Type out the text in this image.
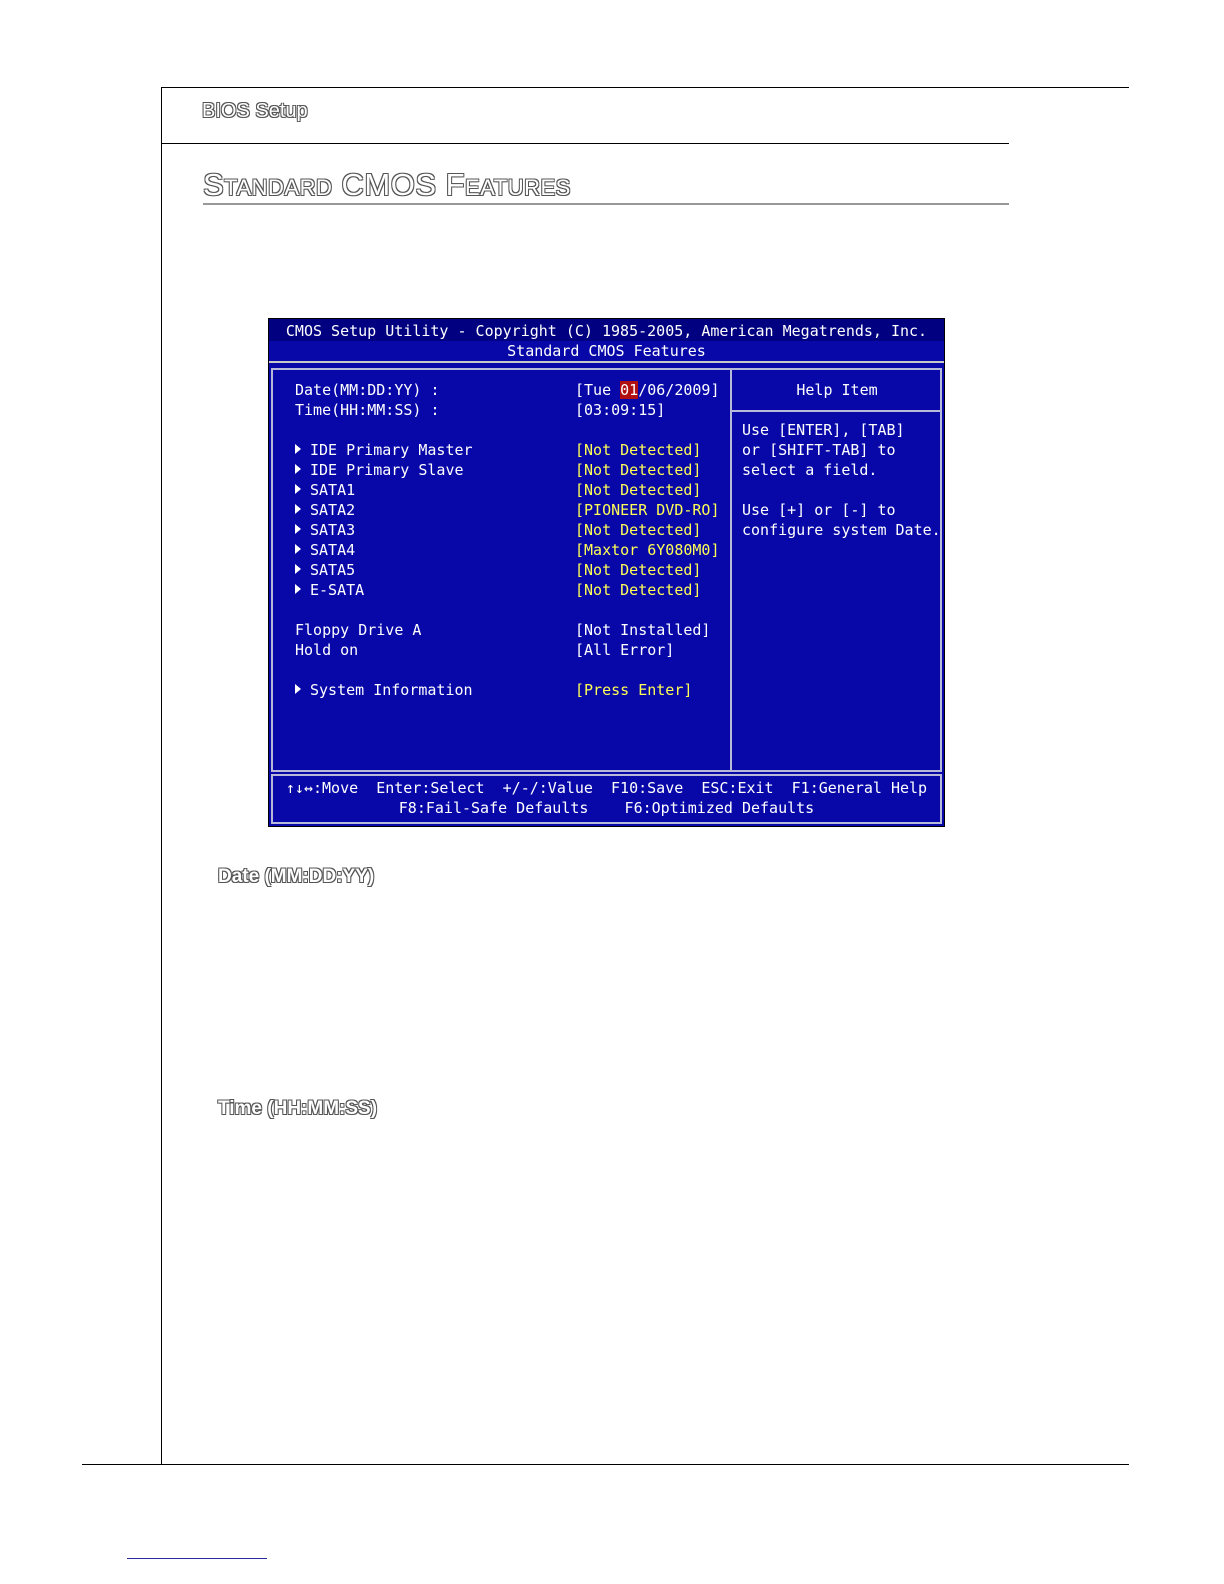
BIOS Setup
Standard CMOS Features
CMOS Setup Utility - Copyright (C) 1985-2005, American Megatrends, Inc.
Standard CMOS Features
Date(MM:DD:YY) :	[Tue 01/06/2009]
Time(HH:MM:SS) :	[03:09:15]
IDE Primary Master	[Not Detected]
IDE Primary Slave	[Not Detected]
SATA1	[Not Detected]
SATA2	[PIONEER DVD-RO]
SATA3	[Not Detected]
SATA4	[Maxtor 6Y080M0]
SATA5	[Not Detected]
E-SATA	[Not Detected]
Floppy Drive A	[Not Installed]
Hold on	[All Error]
System Information	[Press Enter]
Help Item
Use [ENTER], [TAB]
or [SHIFT-TAB] to
select a field.
Use [+] or [-] to
configure system Date.
↑↓↔:Move  Enter:Select  +/-/:Value  F10:Save  ESC:Exit  F1:General Help
F8:Fail-Safe Defaults    F6:Optimized Defaults
Date (MM:DD:YY)
Time (HH:MM:SS)
